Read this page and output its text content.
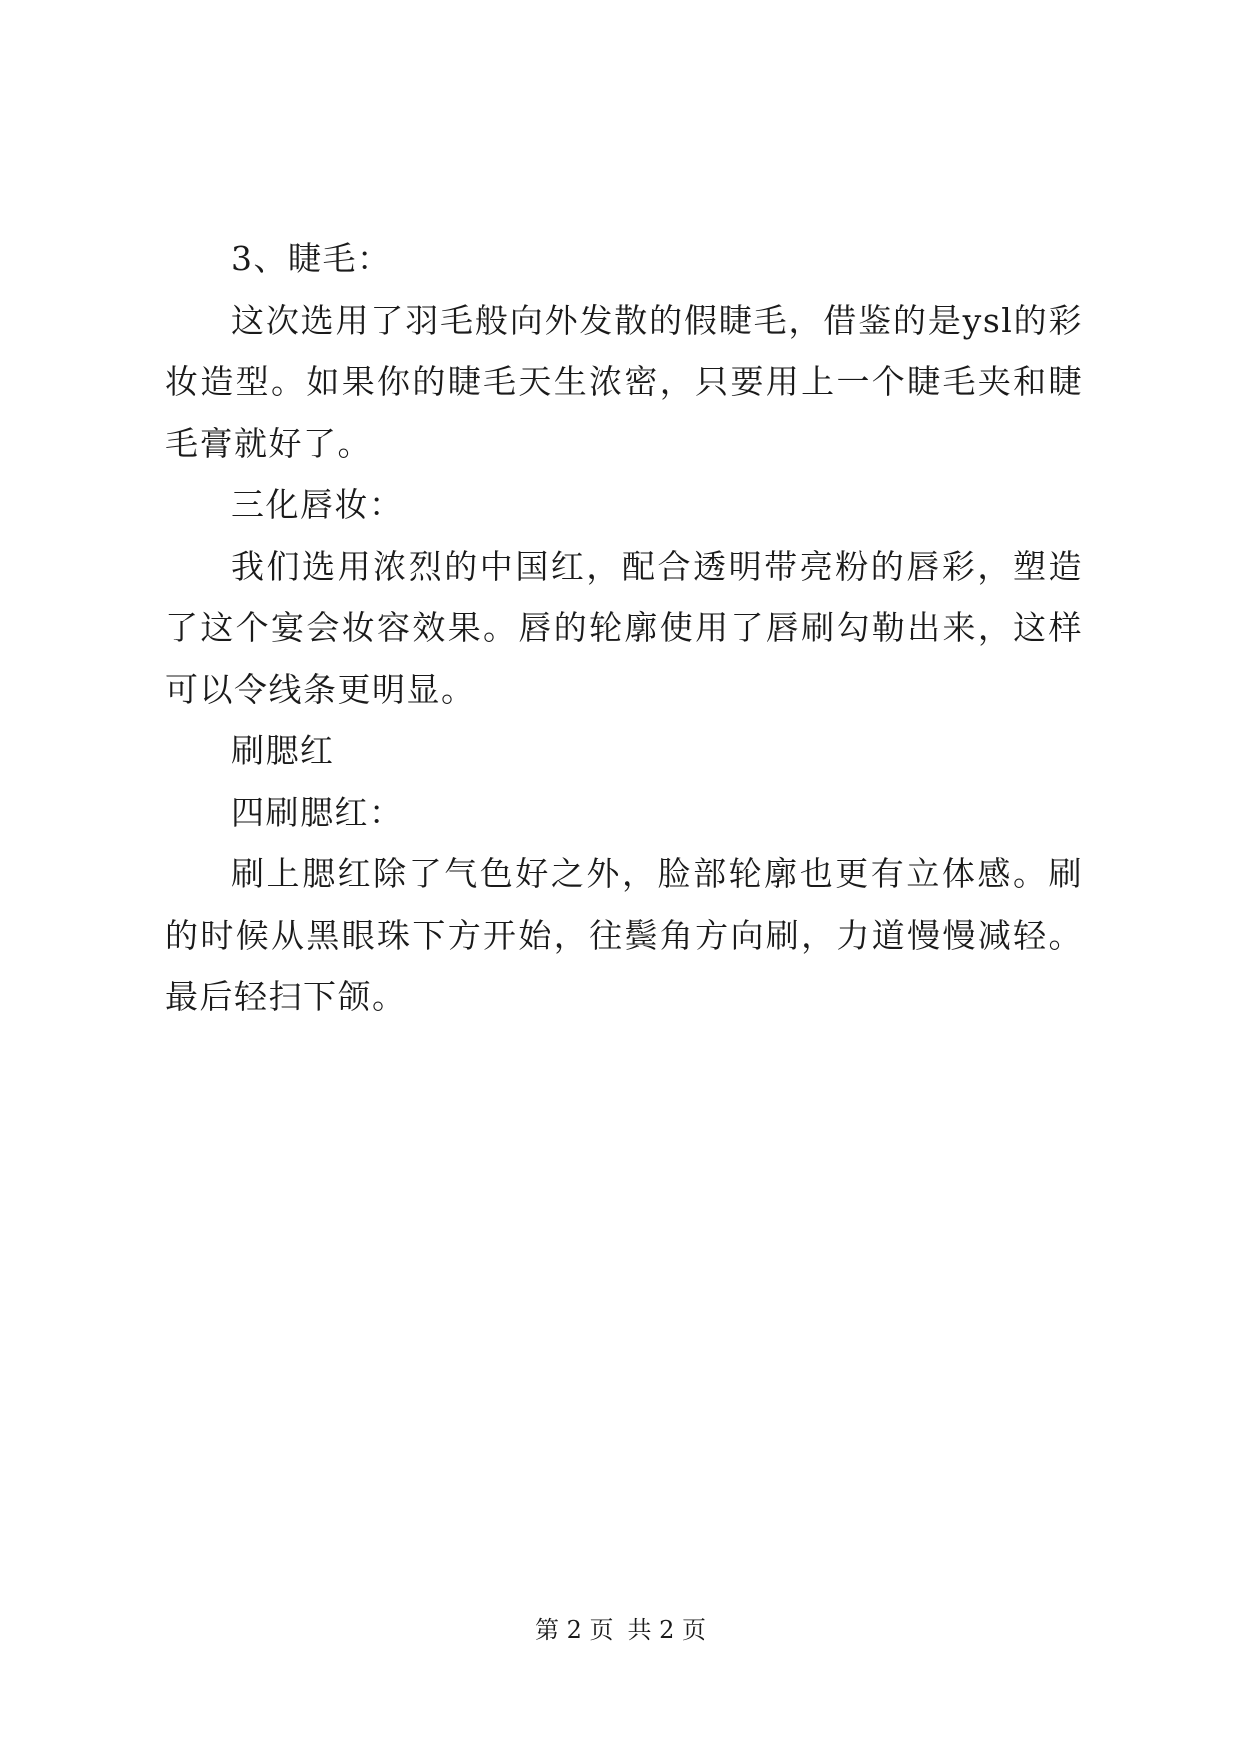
3、睫毛：

这次选用了羽毛般向外发散的假睫毛，借鉴的是ysl的彩妆造型。如果你的睫毛天生浓密，只要用上一个睫毛夹和睫毛膏就好了。

三化唇妆：

我们选用浓烈的中国红，配合透明带亮粉的唇彩，塑造了这个宴会妆容效果。唇的轮廓使用了唇刷勾勒出来，这样可以令线条更明显。

刷腮红

四刷腮红：

刷上腮红除了气色好之外，脸部轮廓也更有立体感。刷的时候从黑眼珠下方开始，往鬓角方向刷，力道慢慢减轻。最后轻扫下颌。

第 2 页 共 2 页
